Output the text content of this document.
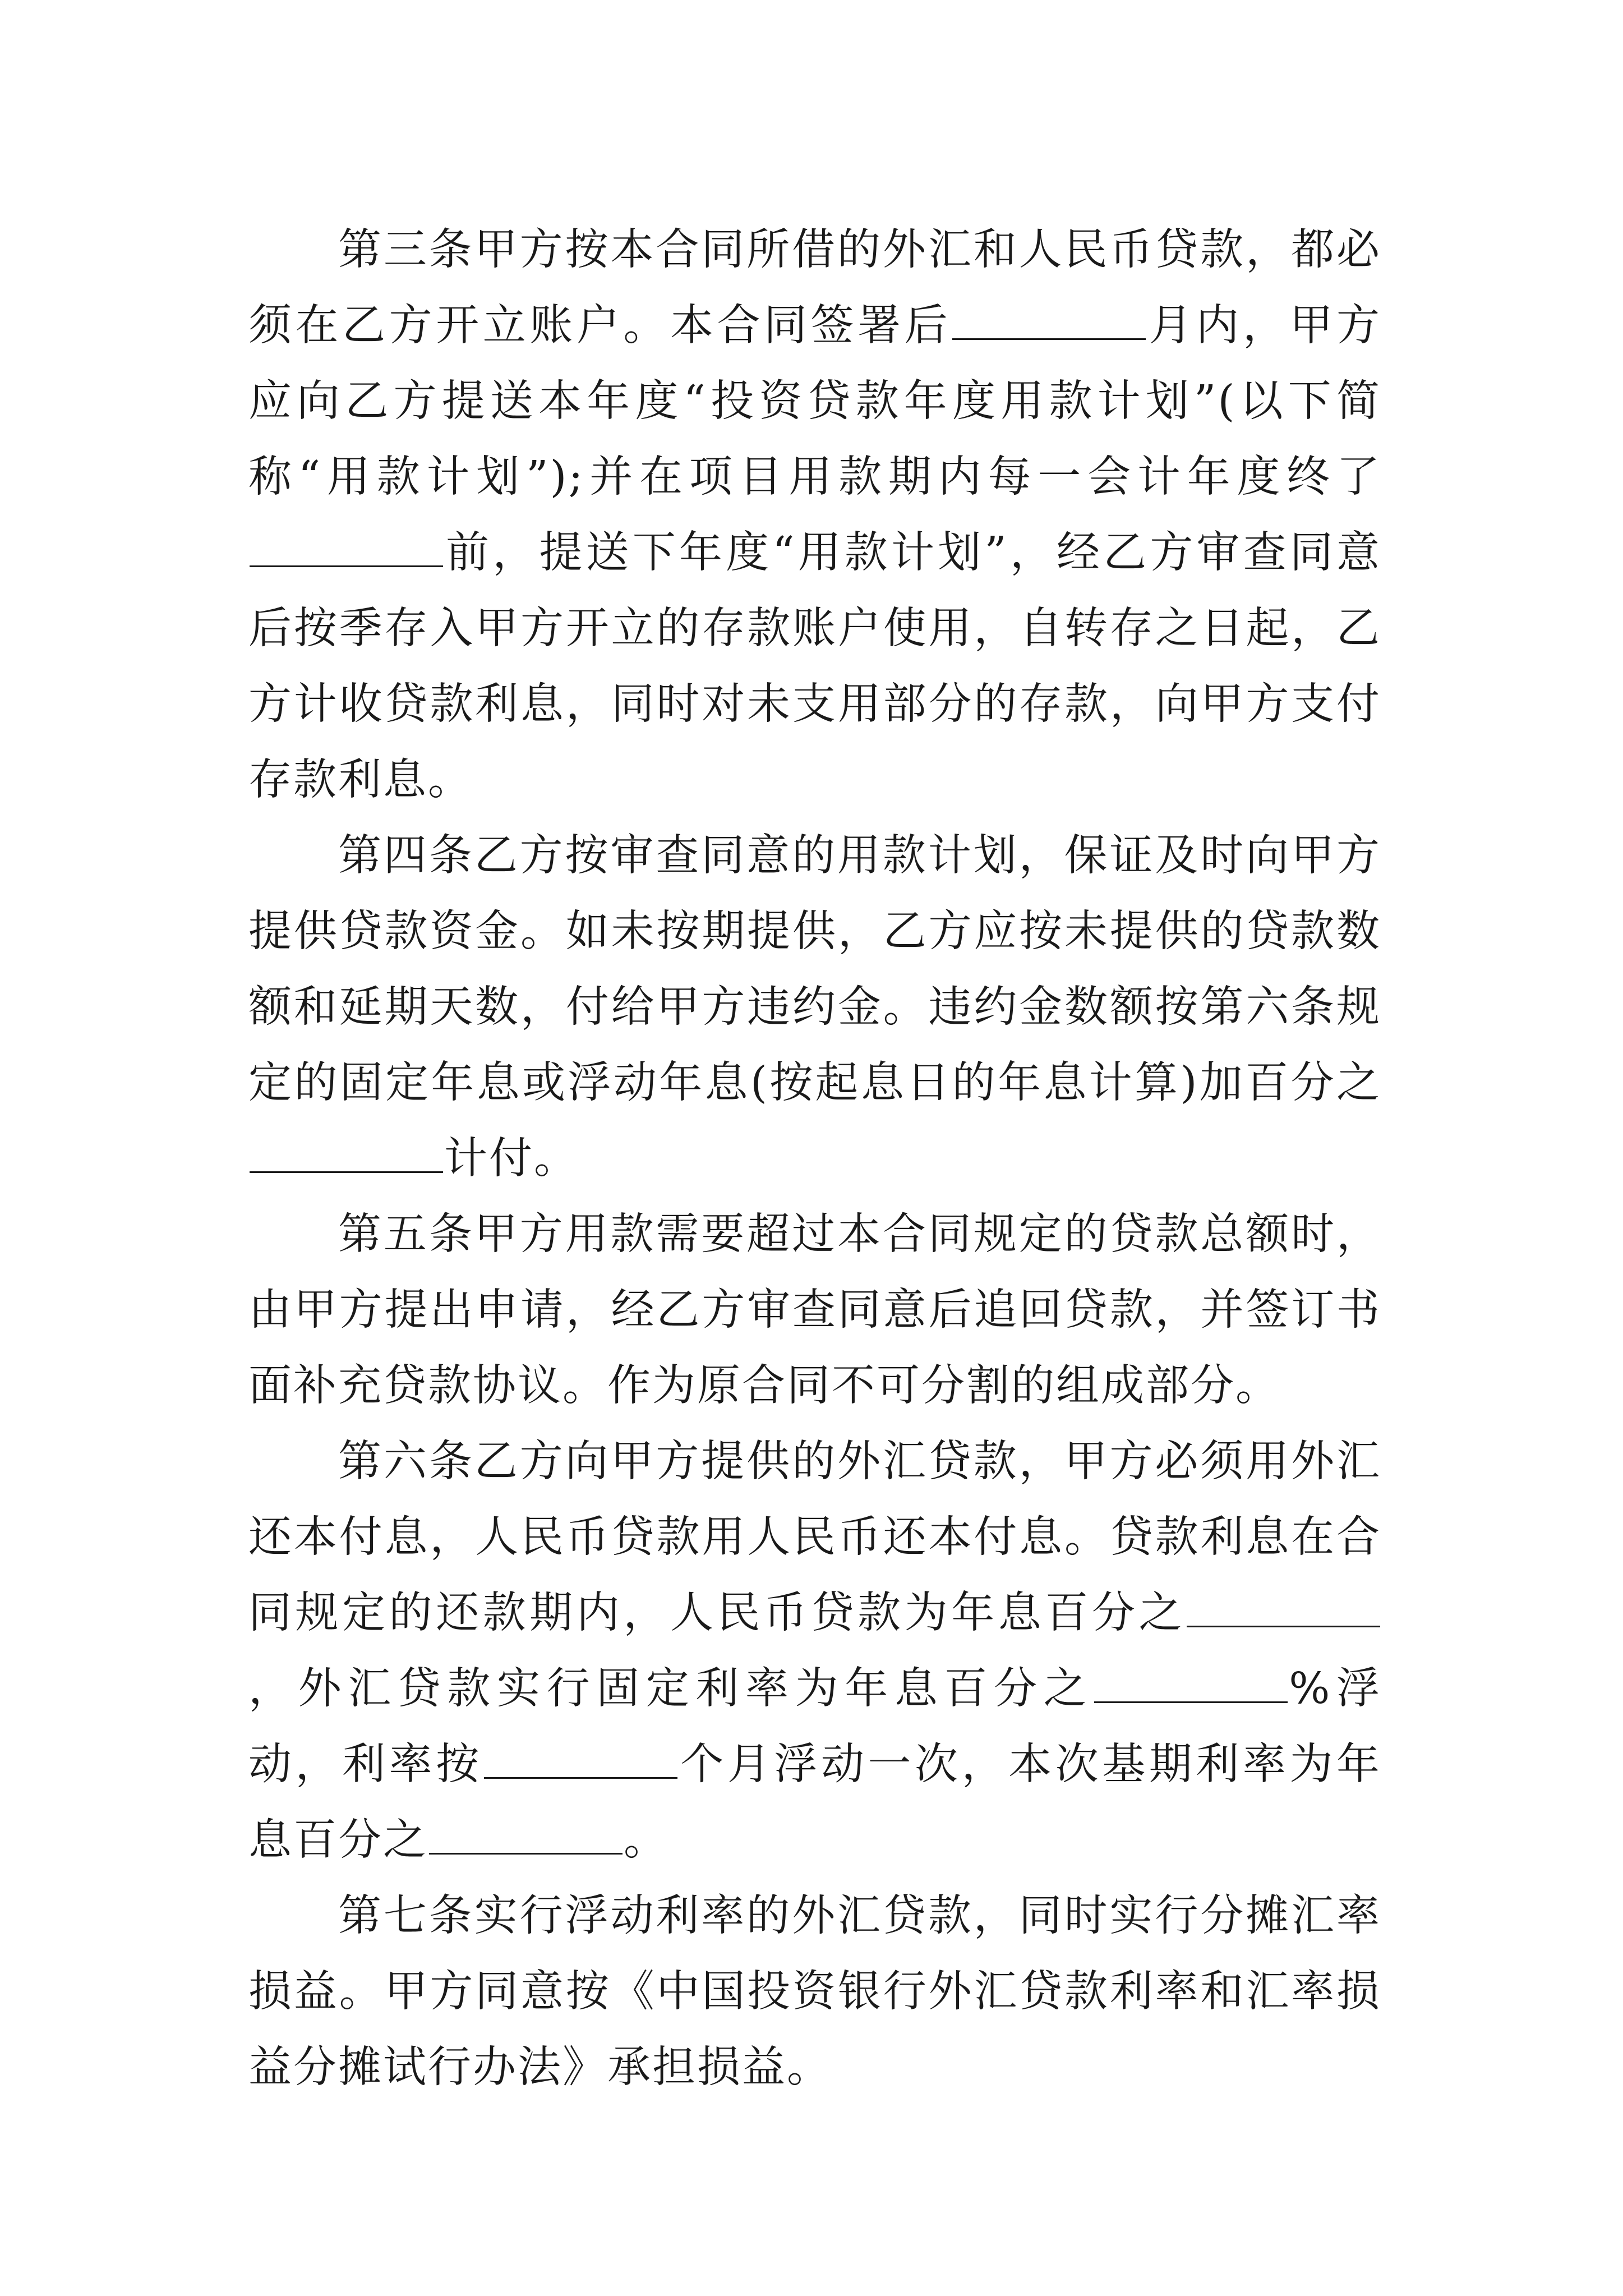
第三条甲方按本合同所借的外汇和人民币贷款，都必须在乙方开立账户。本合同签署后	月内，甲方应向乙方提送本年度“投资贷款年度用款计划”(以下简称“用款计划”);并在项目用款期内每一会计年度终了前，提送下年度“用款计划”，经乙方审查同意后按季存入甲方开立的存款账户使用，自转存之日起，乙方计收贷款利息，同时对未支用部分的存款，向甲方支付存款利息。

第四条乙方按审查同意的用款计划，保证及时向甲方提供贷款资金。如未按期提供，乙方应按未提供的贷款数额和延期天数，付给甲方违约金。违约金数额按第六条规定的固定年息或浮动年息(按起息日的年息计算)加百分之计付。

第五条甲方用款需要超过本合同规定的贷款总额时，由甲方提出申请，经乙方审查同意后追回贷款，并签订书面补充贷款协议。作为原合同不可分割的组成部分。

第六条乙方向甲方提供的外汇贷款，甲方必须用外汇还本付息，人民币贷款用人民币还本付息。贷款利息在合同规定的还款期内，人民币贷款为年息百分之，外汇贷款实行固定利率为年息百分之	%浮动，利率按	个月浮动一次，本次基期利率为年息百分之	。

第七条实行浮动利率的外汇贷款，同时实行分摊汇率损益。甲方同意按《中国投资银行外汇贷款利率和汇率损益分摊试行办法》承担损益。
